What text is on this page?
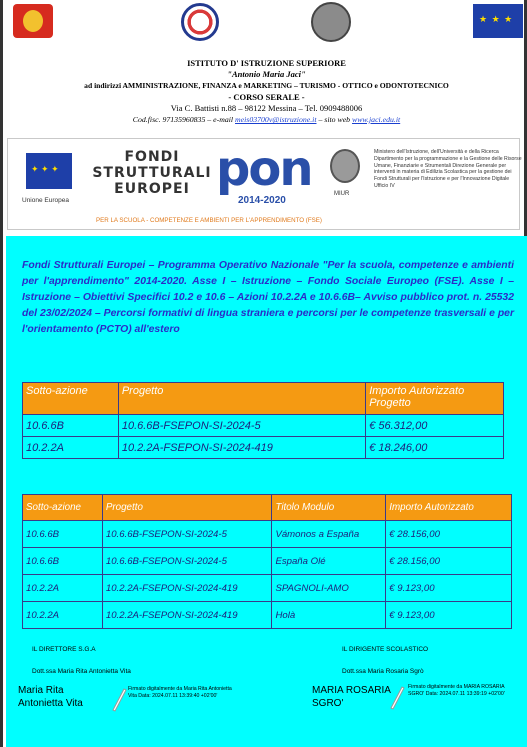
★ ★ ★
ISTITUTO D' ISTRUZIONE SUPERIORE
"Antonio Maria Jaci"
ad indirizzi AMMINISTRAZIONE, FINANZA e MARKETING – TURISMO - OTTICO e ODONTOTECNICO
- CORSO SERALE -
Via C. Battisti n.88 – 98122 Messina – Tel. 0909488006
Cod.fisc. 97135960835 – e-mail meis03700v@istruzione.it – sito web www.jaci.edu.it
✦ ✦ ✦
Unione Europea
FONDI
STRUTTURALI
EUROPEI pon
2014-2020
PER LA SCUOLA - COMPETENZE E AMBIENTI PER L'APPRENDIMENTO (FSE)
MIUR
Ministero dell'Istruzione, dell'Università e della Ricerca Dipartimento per la programmazione e la Gestione delle Risorse Umane, Finanziarie e Strumentali Direzione Generale per interventi in materia di Edilizia Scolastica per la gestione dei Fondi Strutturali per l'Istruzione e per l'Innovazione Digitale Ufficio IV

Fondi Strutturali Europei – Programma Operativo Nazionale "Per la scuola, competenze e ambienti per l'apprendimento" 2014-2020. Asse I – Istruzione – Fondo Sociale Europeo (FSE). Asse I – Istruzione – Obiettivi Specifici 10.2 e 10.6 – Azioni 10.2.2A e 10.6.6B– Avviso pubblico prot. n. 25532 del 23/02/2024 – Percorsi formativi di lingua straniera e percorsi per le competenze trasversali e per l'orientamento (PCTO) all'estero

Sotto-azione	Progetto	Importo Autorizzato Progetto
10.6.6B	10.6.6B-FSEPON-SI-2024-5	€ 56.312,00
10.2.2A	10.2.2A-FSEPON-SI-2024-419	€ 18.246,00
Sotto-azione	Progetto	Titolo Modulo	Importo Autorizzato
10.6.6B	10.6.6B-FSEPON-SI-2024-5	Vámonos a España	€ 28.156,00
10.6.6B	10.6.6B-FSEPON-SI-2024-5	España Olé	€ 28.156,00
10.2.2A	10.2.2A-FSEPON-SI-2024-419	SPAGNOLI-AMO	€ 9.123,00
10.2.2A	10.2.2A-FSEPON-SI-2024-419	Holà	€ 9.123,00
IL DIRETTORE S.G.A
Dott.ssa Maria Rita Antonietta Vita
Maria Rita Antonietta Vita
Firmato digitalmente da Maria Rita Antonietta Vita Data: 2024.07.11 13:39:40 +02'00'
IL DIRIGENTE SCOLASTICO
Dott.ssa Maria Rosaria Sgrò
MARIA ROSARIA SGRO'
Firmato digitalmente da MARIA ROSARIA SGRO' Data: 2024.07.11 13:39:19 +02'00'
